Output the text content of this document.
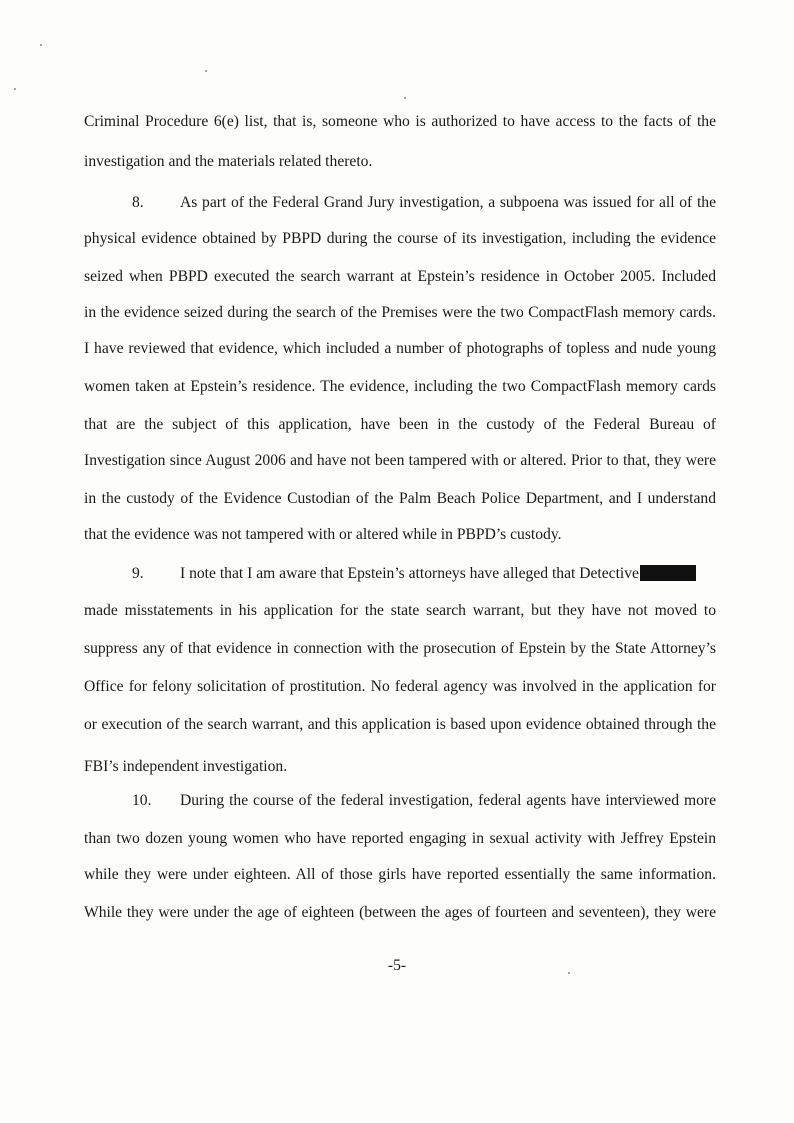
Criminal Procedure 6(e) list, that is, someone who is authorized to have access to the facts of the
investigation and the materials related thereto.
8. As part of the Federal Grand Jury investigation, a subpoena was issued for all of the
physical evidence obtained by PBPD during the course of its investigation, including the evidence
seized when PBPD executed the search warrant at Epstein’s residence in October 2005. Included
in the evidence seized during the search of the Premises were the two CompactFlash memory cards.
I have reviewed that evidence, which included a number of photographs of topless and nude young
women taken at Epstein’s residence. The evidence, including the two CompactFlash memory cards
that are the subject of this application, have been in the custody of the Federal Bureau of
Investigation since August 2006 and have not been tampered with or altered. Prior to that, they were
in the custody of the Evidence Custodian of the Palm Beach Police Department, and I understand
that the evidence was not tampered with or altered while in PBPD’s custody.
9. I note that I am aware that Epstein’s attorneys have alleged that Detective
made misstatements in his application for the state search warrant, but they have not moved to
suppress any of that evidence in connection with the prosecution of Epstein by the State Attorney’s
Office for felony solicitation of prostitution. No federal agency was involved in the application for
or execution of the search warrant, and this application is based upon evidence obtained through the
FBI’s independent investigation.
10. During the course of the federal investigation, federal agents have interviewed more
than two dozen young women who have reported engaging in sexual activity with Jeffrey Epstein
while they were under eighteen. All of those girls have reported essentially the same information.
While they were under the age of eighteen (between the ages of fourteen and seventeen), they were
-5-
